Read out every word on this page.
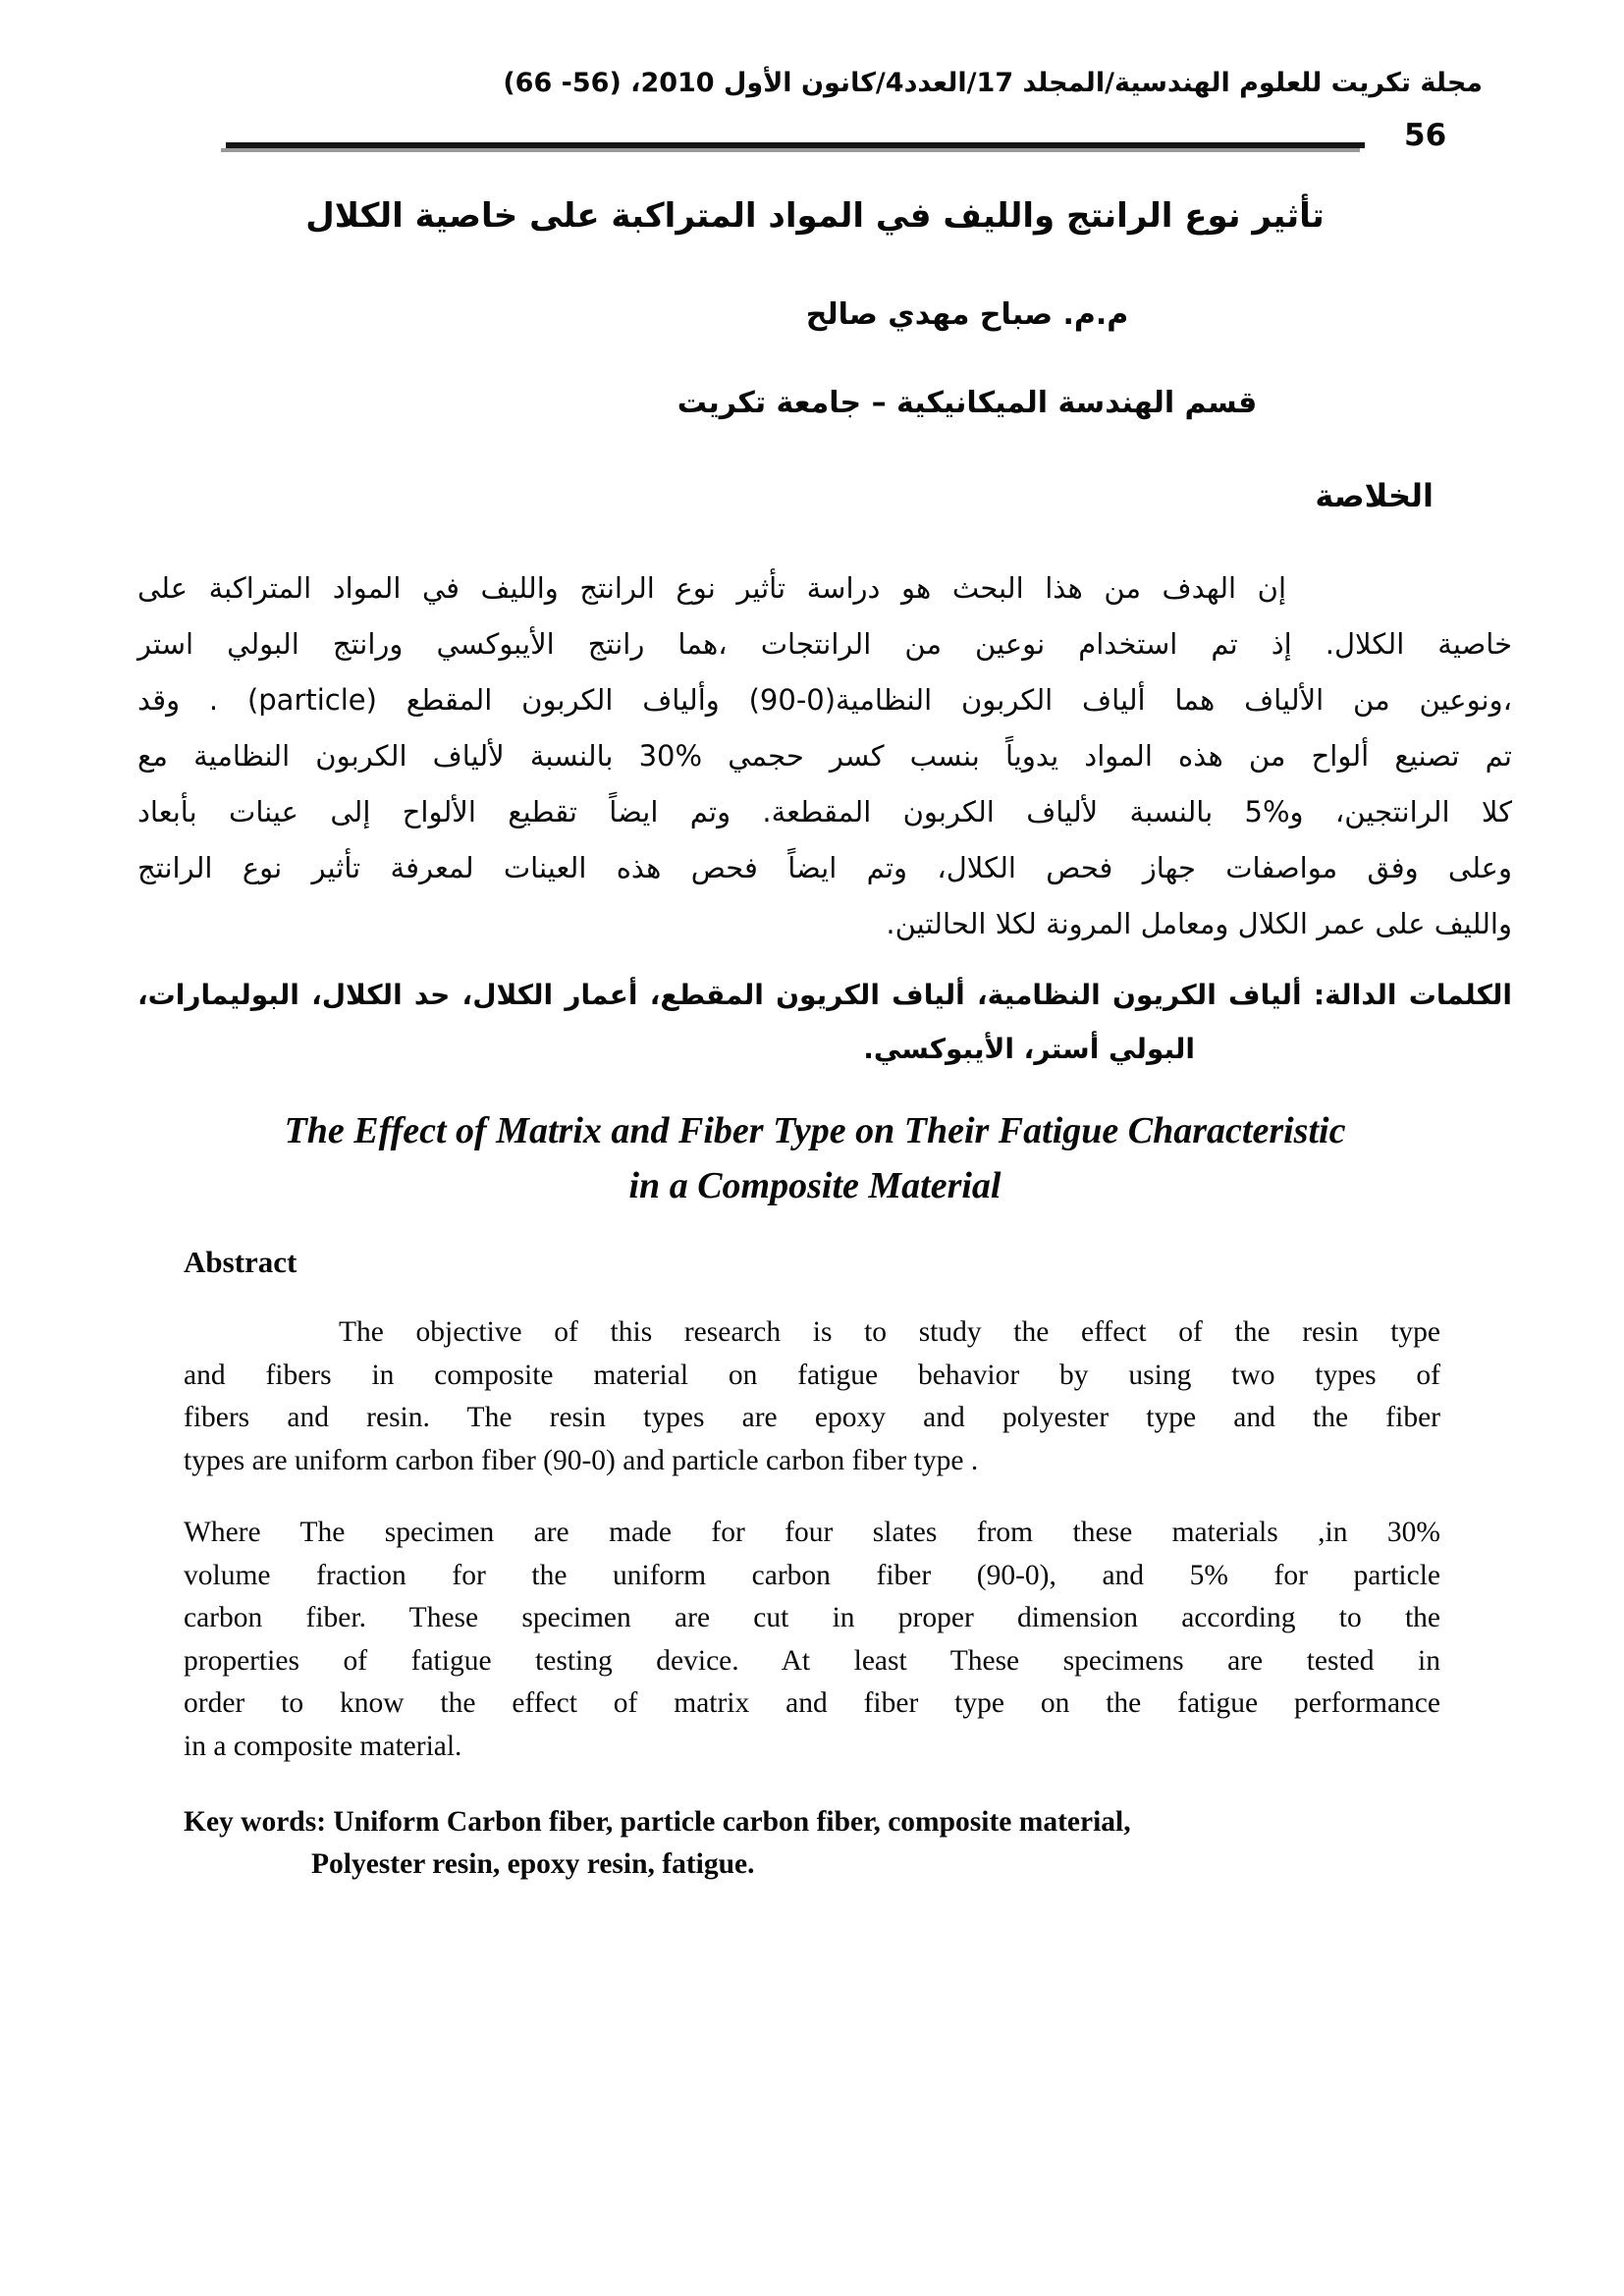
مجلة تكريت للعلوم الهندسية/المجلد 17/العدد4/كانون الأول 2010، (56- 66)
56
تأثير نوع الرانتج والليف في المواد المتراكبة على خاصية الكلال
م.م. صباح مهدي صالح
قسم الهندسة الميكانيكية – جامعة تكريت
الخلاصة
إن الهدف من هذا البحث هو دراسة تأثير نوع الرانتج والليف في المواد المتراكبة على
خاصية الكلال. إذ تم استخدام نوعين من الرانتجات ،هما رانتج الأيبوكسي ورانتج البولي استر
،ونوعين من الألياف هما ألياف الكربون النظامية(0-90) وألياف الكربون المقطع (particle) . وقد
تم تصنيع ألواح من هذه المواد يدوياً بنسب كسر حجمي %30 بالنسبة لألياف الكربون النظامية مع
كلا الرانتجين، و%5 بالنسبة لألياف الكربون المقطعة. وتم ايضاً تقطيع الألواح إلى عينات بأبعاد
وعلى وفق مواصفات جهاز فحص الكلال، وتم ايضاً فحص هذه العينات لمعرفة تأثير نوع الرانتج
والليف على عمر الكلال ومعامل المرونة لكلا الحالتين.
الكلمات الدالة: ألياف الكريون النظامية، ألياف الكريون المقطع، أعمار الكلال، حد الكلال، البوليمارات،
البولي أستر، الأيبوكسي.
The Effect of Matrix and Fiber Type on Their Fatigue Characteristic
in a Composite Material
Abstract
The objective of this research is to study the effect of the resin type
and fibers in composite material on fatigue behavior by using two types of
fibers and resin. The resin types are epoxy and polyester type and the fiber
types are uniform carbon fiber (90-0) and particle carbon fiber type .
Where The specimen are made for four slates from these materials ,in 30%
volume fraction for the uniform carbon fiber (90-0), and 5% for particle
carbon fiber. These specimen are cut in proper dimension according to the
properties of fatigue testing device. At least These specimens are tested in
order to know the effect of matrix and fiber type on the fatigue performance
in a composite material.
Key words: Uniform Carbon fiber, particle carbon fiber, composite material,
Polyester resin, epoxy resin, fatigue.
